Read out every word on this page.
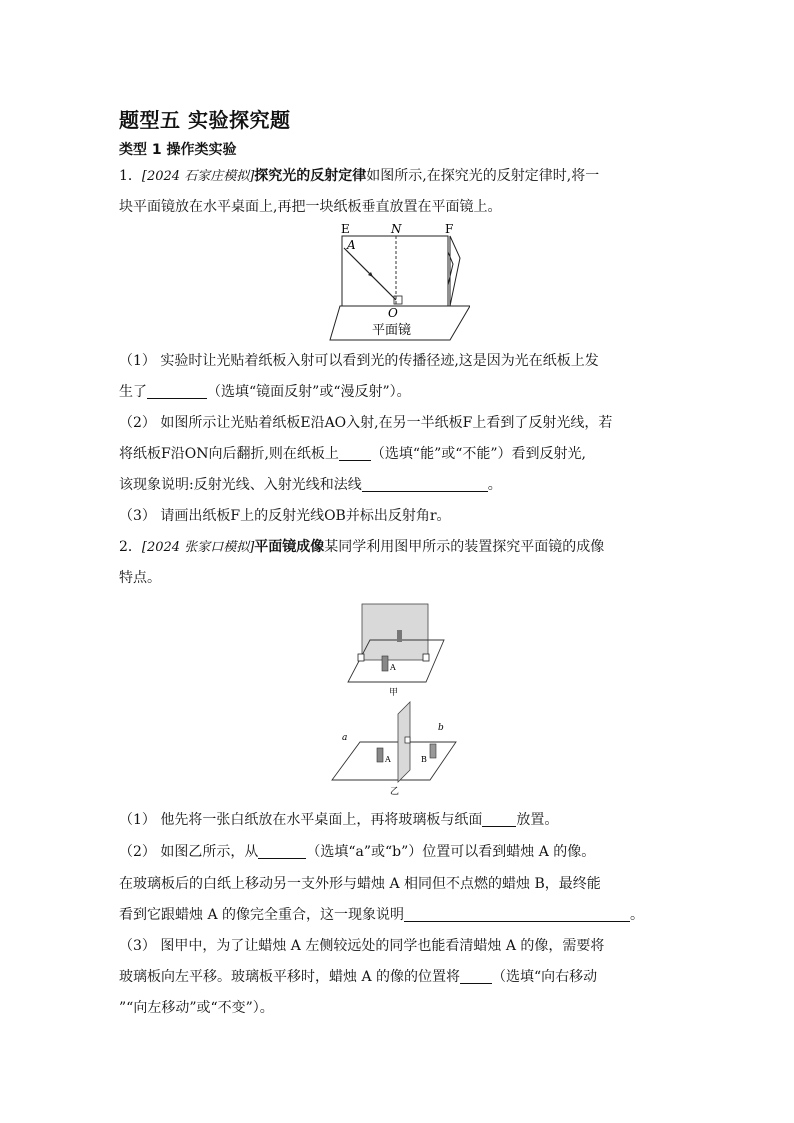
题型五 实验探究题
类型 1 操作类实验
1．[2024 石家庄模拟]探究光的反射定律如图所示,在探究光的反射定律时,将一
块平面镜放在水平桌面上,再把一块纸板垂直放置在平面镜上。
E	N	F
A
O
平面镜
（1） 实验时让光贴着纸板入射可以看到光的传播径迹,这是因为光在纸板上发
生了	（选填“镜面反射”或“漫反射”）。
（2） 如图所示让光贴着纸板E沿AO入射,在另一半纸板F上看到了反射光线，若
将纸板F沿ON向后翻折,则在纸板上 （选填“能”或“不能”）看到反射光,
该现象说明:反射光线、入射光线和法线	。
（3） 请画出纸板F上的反射光线OB并标出反射角r。
2．[2024 张家口模拟]平面镜成像某同学利用图甲所示的装置探究平面镜的成像
特点。
A
甲
A	B
a
b
乙
（1） 他先将一张白纸放在水平桌面上，再将玻璃板与纸面 放置。
（2） 如图乙所示，从	（选填“a”或“b”）位置可以看到蜡烛 A 的像。
在玻璃板后的白纸上移动另一支外形与蜡烛 A 相同但不点燃的蜡烛 B，最终能
看到它跟蜡烛 A 的像完全重合，这一现象说明	。
（3） 图甲中，为了让蜡烛 A 左侧较远处的同学也能看清蜡烛 A 的像，需要将
玻璃板向左平移。玻璃板平移时，蜡烛 A 的像的位置将 （选填“向右移动
”“向左移动”或“不变”）。
